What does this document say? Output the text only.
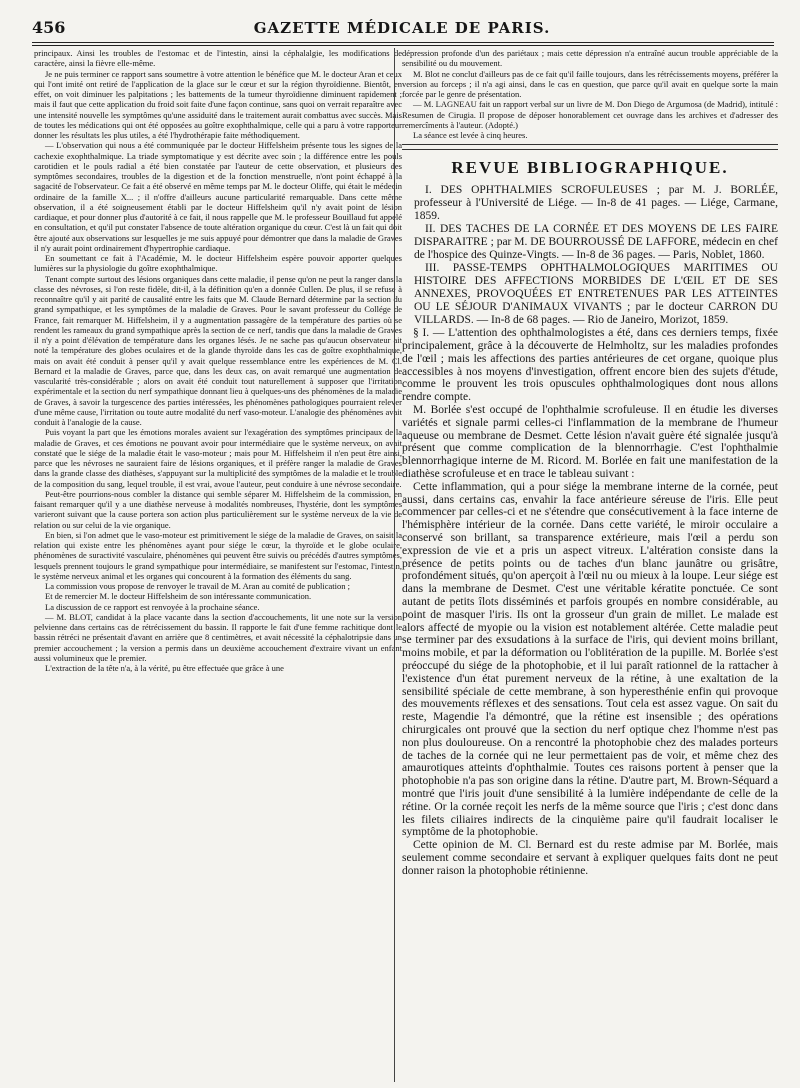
456	GAZETTE MÉDICALE DE PARIS.

principaux. Ainsi les troubles de l'estomac et de l'intestin, ainsi la céphalalgie, les modifications de caractère, ainsi la fièvre elle-même.

Je ne puis terminer ce rapport sans soumettre à votre attention le bénéfice que M. le docteur Aran et ceux qui l'ont imité ont retiré de l'application de la glace sur le cœur et sur la région thyroïdienne. Bientôt, en effet, on voit diminuer les palpitations ; les battements de la tumeur thyroïdienne diminuent rapidement ; mais il faut que cette application du froid soit faite d'une façon continue, sans quoi on verrait reparaître avec une intensité nouvelle les symptômes qu'une assiduité dans le traitement aurait combattus avec succès. Mais de toutes les médications qui ont été opposées au goître exophthalmique, celle qui a paru à votre rapporteur donner les résultats les plus utiles, a été l'hydrothérapie faite méthodiquement.

— L'observation qui nous a été communiquée par le docteur Hiffelsheim présente tous les signes de la cachexie exophthalmique. La triade symptomatique y est décrite avec soin ; la différence entre les pouls carotidien et le pouls radial a été bien constatée par l'auteur de cette observation, et plusieurs des symptômes secondaires, troubles de la digestion et de la fonction menstruelle, n'ont point échappé à la sagacité de l'observateur. Ce fait a été observé en même temps par M. le docteur Oliffe, qui était le médecin ordinaire de la famille X... ; il n'offre d'ailleurs aucune particularité remarquable. Dans cette même observation, il a été soigneusement établi par le docteur Hiffelsheim qu'il n'y avait point de lésion cardiaque, et pour donner plus d'autorité à ce fait, il nous rappelle que M. le professeur Bouillaud fut appelé en consultation, et qu'il put constater l'absence de toute altération organique du cœur. C'est là un fait qui doit être ajouté aux observations sur lesquelles je me suis appuyé pour démontrer que dans la maladie de Graves il n'y aurait point ordinairement d'hypertrophie cardiaque.

En soumettant ce fait à l'Académie, M. le docteur Hiffelsheim espère pouvoir apporter quelques lumières sur la physiologie du goître exophthalmique.

Tenant compte surtout des lésions organiques dans cette maladie, il pense qu'on ne peut la ranger dans la classe des névroses, si l'on reste fidèle, dit-il, à la définition qu'en a donnée Cullen. De plus, il se refuse à reconnaître qu'il y ait parité de causalité entre les faits que M. Claude Bernard détermine par la section du grand sympathique, et les symptômes de la maladie de Graves. Pour le savant professeur du Collége de France, fait remarquer M. Hiffelsheim, il y a augmentation passagère de la température des parties où se rendent les rameaux du grand sympathique après la section de ce nerf, tandis que dans la maladie de Graves il n'y a point d'élévation de température dans les organes lésés. Je ne sache pas qu'aucun observateur ait noté la température des globes oculaires et de la glande thyroïde dans les cas de goître exophthalmique, mais on avait été conduit à penser qu'il y avait quelque ressemblance entre les expériences de M. Cl. Bernard et la maladie de Graves, parce que, dans les deux cas, on avait remarqué une augmentation de vascularité très-considérable ; alors on avait été conduit tout naturellement à supposer que l'irritation expérimentale et la section du nerf sympathique donnant lieu à quelques-uns des phénomènes de la maladie de Graves, à savoir la turgescence des parties intéressées, les phénomènes pathologiques pourraient relever d'une même cause, l'irritation ou toute autre modalité du nerf vaso-moteur. L'analogie des phénomènes avait conduit à l'analogie de la cause.

Puis voyant la part que les émotions morales avaient sur l'exagération des symptômes principaux de la maladie de Graves, et ces émotions ne pouvant avoir pour intermédiaire que le système nerveux, on avait constaté que le siége de la maladie était le vaso-moteur ; mais pour M. Hiffelsheim il n'en peut être ainsi, parce que les névroses ne sauraient faire de lésions organiques, et il préfère ranger la maladie de Graves dans la grande classe des diathèses, s'appuyant sur la multiplicité des symptômes de la maladie et le trouble de la composition du sang, lequel trouble, il est vrai, avoue l'auteur, peut conduire à une névrose secondaire.

Peut-être pourrions-nous combler la distance qui semble séparer M. Hiffelsheim de la commission, en faisant remarquer qu'il y a une diathèse nerveuse à modalités nombreuses, l'hystérie, dont les symptômes varieront suivant que la cause portera son action plus particulièrement sur le système nerveux de la vie de relation ou sur celui de la vie organique.

En bien, si l'on admet que le vaso-moteur est primitivement le siége de la maladie de Graves, on saisit la relation qui existe entre les phénomènes ayant pour siége le cœur, la thyroïde et le globe oculaire, phénomènes de suractivité vasculaire, phénomènes qui peuvent être suivis ou précédés d'autres symptômes, lesquels prennent toujours le grand sympathique pour intermédiaire, se manifestent sur l'estomac, l'intestin, le système nerveux animal et les organes qui concourent à la formation des éléments du sang.

La commission vous propose de renvoyer le travail de M. Aran au comité de publication ;

Et de remercier M. le docteur Hiffelsheim de son intéressante communication.

La discussion de ce rapport est renvoyée à la prochaine séance.

— M. BLOT, candidat à la place vacante dans la section d'accouchements, lit une note sur la version pelvienne dans certains cas de rétrécissement du bassin. Il rapporte le fait d'une femme rachitique dont le bassin rétréci ne présentait d'avant en arrière que 8 centimètres, et avait nécessité la céphalotripsie dans un premier accouchement ; la version a permis dans un deuxième accouchement d'extraire vivant un enfant aussi volumineux que le premier.

L'extraction de la tête n'a, à la vérité, pu être effectuée que grâce à une

dépression profonde d'un des pariétaux ; mais cette dépression n'a entraîné aucun trouble appréciable de la sensibilité ou du mouvement.

M. Blot ne conclut d'ailleurs pas de ce fait qu'il faille toujours, dans les rétrécissements moyens, préférer la version au forceps ; il n'a agi ainsi, dans le cas en question, que parce qu'il avait en quelque sorte la main forcée par le genre de présentation.

— M. LAGNEAU fait un rapport verbal sur un livre de M. Don Diego de Argumosa (de Madrid), intitulé : Resumen de Cirugia. Il propose de déposer honorablement cet ouvrage dans les archives et d'adresser des remercîments à l'auteur. (Adopté.)

La séance est levée à cinq heures.

REVUE BIBLIOGRAPHIQUE.

I. DES OPHTHALMIES SCROFULEUSES ; par M. J. BORLÉE, professeur à l'Université de Liége. — In-8 de 41 pages. — Liége, Carmane, 1859.

II. DES TACHES DE LA CORNÉE ET DES MOYENS DE LES FAIRE DISPARAITRE ; par M. DE BOURROUSSÉ DE LAFFORE, médecin en chef de l'hospice des Quinze-Vingts. — In-8 de 36 pages. — Paris, Noblet, 1860.

III. PASSE-TEMPS OPHTHALMOLOGIQUES MARITIMES OU HISTOIRE DES AFFECTIONS MORBIDES DE L'ŒIL ET DE SES ANNEXES, PROVOQUÉES ET ENTRETENUES PAR LES ATTEINTES OU LE SÉJOUR D'ANIMAUX VIVANTS ; par le docteur CARRON DU VILLARDS. — In-8 de 68 pages. — Rio de Janeiro, Morizot, 1859.

§ I. — L'attention des ophthalmologistes a été, dans ces derniers temps, fixée principalement, grâce à la découverte de Helmholtz, sur les maladies profondes de l'œil ; mais les affections des parties antérieures de cet organe, quoique plus accessibles à nos moyens d'investigation, offrent encore bien des sujets d'étude, comme le prouvent les trois opuscules ophthalmologiques dont nous allons rendre compte.

M. Borlée s'est occupé de l'ophthalmie scrofuleuse. Il en étudie les diverses variétés et signale parmi celles-ci l'inflammation de la membrane de l'humeur aqueuse ou membrane de Desmet. Cette lésion n'avait guère été signalée jusqu'à présent que comme complication de la blennorrhagie. C'est l'ophthalmie blennorrhagique interne de M. Ricord. M. Borlée en fait une manifestation de la diathèse scrofuleuse et en trace le tableau suivant :

Cette inflammation, qui a pour siége la membrane interne de la cornée, peut aussi, dans certains cas, envahir la face antérieure séreuse de l'iris. Elle peut commencer par celles-ci et ne s'étendre que consécutivement à la face interne de l'hémisphère intérieur de la cornée. Dans cette variété, le miroir occulaire a conservé son brillant, sa transparence extérieure, mais l'œil a perdu son expression de vie et a pris un aspect vitreux. L'altération consiste dans la présence de petits points ou de taches d'un blanc jaunâtre ou grisâtre, profondément situés, qu'on aperçoit à l'œil nu ou mieux à la loupe. Leur siége est dans la membrane de Desmet. C'est une véritable kératite ponctuée. Ce sont autant de petits îlots disséminés et parfois groupés en nombre considérable, au point de masquer l'iris. Ils ont la grosseur d'un grain de millet. Le malade est alors affecté de myopie ou la vision est notablement altérée. Cette maladie peut se terminer par des exsudations à la surface de l'iris, qui devient moins brillant, moins mobile, et par la déformation ou l'oblitération de la pupille. M. Borlée s'est préoccupé du siége de la photophobie, et il lui paraît rationnel de la rattacher à l'existence d'un état purement nerveux de la rétine, à une exaltation de la sensibilité spéciale de cette membrane, à son hyperesthénie enfin qui provoque des mouvements réflexes et des sensations. Tout cela est assez vague. On sait du reste, Magendie l'a démontré, que la rétine est insensible ; des opérations chirurgicales ont prouvé que la section du nerf optique chez l'homme n'est pas non plus douloureuse. On a rencontré la photophobie chez des malades porteurs de taches de la cornée qui ne leur permettaient pas de voir, et même chez des amaurotiques atteints d'ophthalmie. Toutes ces raisons portent à penser que la photophobie n'a pas son origine dans la rétine. D'autre part, M. Brown-Séquard a montré que l'iris jouit d'une sensibilité à la lumière indépendante de celle de la rétine. Or la cornée reçoit les nerfs de la même source que l'iris ; c'est donc dans les filets ciliaires indirects de la cinquième paire qu'il faudrait localiser le symptôme de la photophobie.

Cette opinion de M. Cl. Bernard est du reste admise par M. Borlée, mais seulement comme secondaire et servant à expliquer quelques faits dont ne peut donner raison la photophobie rétinienne.
